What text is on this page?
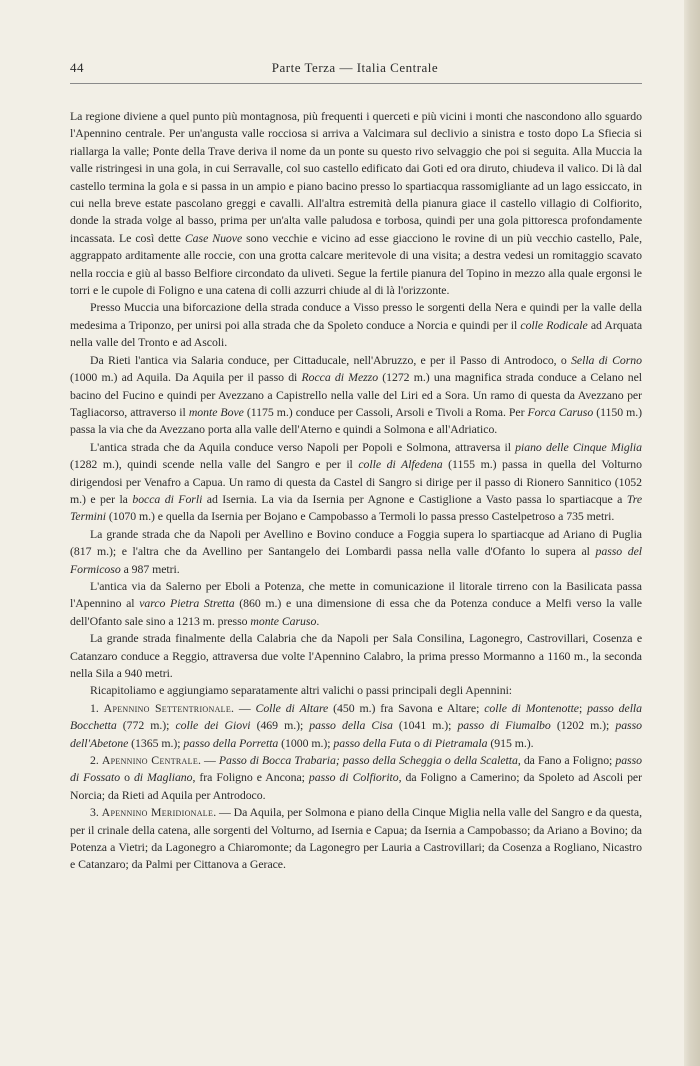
44	Parte Terza — Italia Centrale

La regione diviene a quel punto più montagnosa, più frequenti i querceti e più vicini i monti che nascondono allo sguardo l'Apennino centrale. Per un'angusta valle rocciosa si arriva a Valcimara sul declivio a sinistra e tosto dopo La Sfiecia si riallarga la valle; Ponte della Trave deriva il nome da un ponte su questo rivo selvaggio che poi si seguita. Alla Muccia la valle ristringesi in una gola, in cui Serravalle, col suo castello edificato dai Goti ed ora diruto, chiudeva il valico. Di là dal castello termina la gola e si passa in un ampio e piano bacino presso lo spartiacqua rassomigliante ad un lago essiccato, in cui nella breve estate pascolano greggi e cavalli. All'altra estremità della pianura giace il castello villagio di Colfiorito, donde la strada volge al basso, prima per un'alta valle paludosa e torbosa, quindi per una gola pittoresca profondamente incassata. Le così dette Case Nuove sono vecchie e vicino ad esse giacciono le rovine di un più vecchio castello, Pale, aggrappato arditamente alle roccie, con una grotta calcare meritevole di una visita; a destra vedesi un romitaggio scavato nella roccia e giù al basso Belfiore circondato da uliveti. Segue la fertile pianura del Topino in mezzo alla quale ergonsi le torri e le cupole di Foligno e una catena di colli azzurri chiude al di là l'orizzonte.

Presso Muccia una biforcazione della strada conduce a Visso presso le sorgenti della Nera e quindi per la valle della medesima a Triponzo, per unirsi poi alla strada che da Spoleto conduce a Norcia e quindi per il colle Rodicale ad Arquata nella valle del Tronto e ad Ascoli.

Da Rieti l'antica via Salaria conduce, per Cittaducale, nell'Abruzzo, e per il Passo di Antrodoco, o Sella di Corno (1000 m.) ad Aquila. Da Aquila per il passo di Rocca di Mezzo (1272 m.) una magnifica strada conduce a Celano nel bacino del Fucino e quindi per Avezzano a Capistrello nella valle del Liri ed a Sora. Un ramo di questa da Avezzano per Tagliacorso, attraverso il monte Bove (1175 m.) conduce per Cassoli, Arsoli e Tivoli a Roma. Per Forca Caruso (1150 m.) passa la via che da Avezzano porta alla valle dell'Aterno e quindi a Solmona e all'Adriatico.

L'antica strada che da Aquila conduce verso Napoli per Popoli e Solmona, attraversa il piano delle Cinque Miglia (1282 m.), quindi scende nella valle del Sangro e per il colle di Alfedena (1155 m.) passa in quella del Volturno dirigendosi per Venafro a Capua. Un ramo di questa da Castel di Sangro si dirige per il passo di Rionero Sannitico (1052 m.) e per la bocca di Forli ad Isernia. La via da Isernia per Agnone e Castiglione a Vasto passa lo spartiacque a Tre Termini (1070 m.) e quella da Isernia per Bojano e Campobasso a Termoli lo passa presso Castelpetroso a 735 metri.

La grande strada che da Napoli per Avellino e Bovino conduce a Foggia supera lo spartiacque ad Ariano di Puglia (817 m.); e l'altra che da Avellino per Santangelo dei Lombardi passa nella valle d'Ofanto lo supera al passo del Formicoso a 987 metri.

L'antica via da Salerno per Eboli a Potenza, che mette in comunicazione il litorale tirreno con la Basilicata passa l'Apennino al varco Pietra Stretta (860 m.) e una dimensione di essa che da Potenza conduce a Melfi verso la valle dell'Ofanto sale sino a 1213 m. presso monte Caruso.

La grande strada finalmente della Calabria che da Napoli per Sala Consilina, Lagonegro, Castrovillari, Cosenza e Catanzaro conduce a Reggio, attraversa due volte l'Apennino Calabro, la prima presso Mormanno a 1160 m., la seconda nella Sila a 940 metri.

Ricapitoliamo e aggiungiamo separatamente altri valichi o passi principali degli Apennini:

1. Apennino Settentrionale. — Colle di Altare (450 m.) fra Savona e Altare; colle di Montenotte; passo della Bocchetta (772 m.); colle dei Giovi (469 m.); passo della Cisa (1041 m.); passo di Fiumalbo (1202 m.); passo dell'Abetone (1365 m.); passo della Porretta (1000 m.); passo della Futa o di Pietramala (915 m.).

2. Apennino Centrale. — Passo di Bocca Trabaria; passo della Scheggia o della Scaletta, da Fano a Foligno; passo di Fossato o di Magliano, fra Foligno e Ancona; passo di Colfiorito, da Foligno a Camerino; da Spoleto ad Ascoli per Norcia; da Rieti ad Aquila per Antrodoco.

3. Apennino Meridionale. — Da Aquila, per Solmona e piano della Cinque Miglia nella valle del Sangro e da questa, per il crinale della catena, alle sorgenti del Volturno, ad Isernia e Capua; da Isernia a Campobasso; da Ariano a Bovino; da Potenza a Vietri; da Lagonegro a Chiaromonte; da Lagonegro per Lauria a Castrovillari; da Cosenza a Rogliano, Nicastro e Catanzaro; da Palmi per Cittanova a Gerace.
